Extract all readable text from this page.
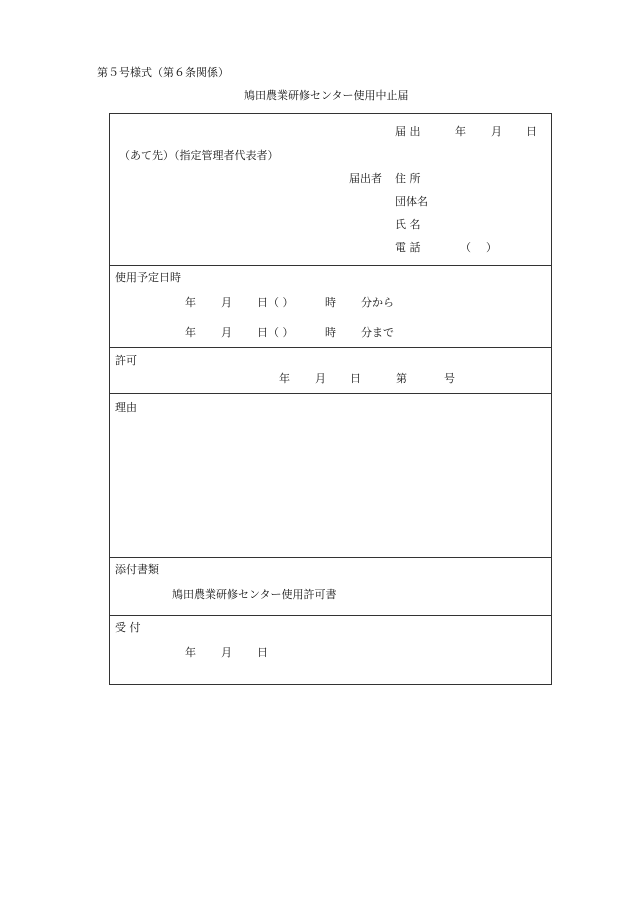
第５号様式（第６条関係）
鳩田農業研修センター使用中止届
届 出	年 月 日
（あて先）（指定管理者代表者）
届出者 住 所
団体名
氏 名
電 話	（ ）
使用予定日時
年 月 日（ ）	時 分から
年 月 日（ ）	時 分まで
許可
年 月 日	第	号
理由
添付書類
鳩田農業研修センター使用許可書
受 付
年 月 日
